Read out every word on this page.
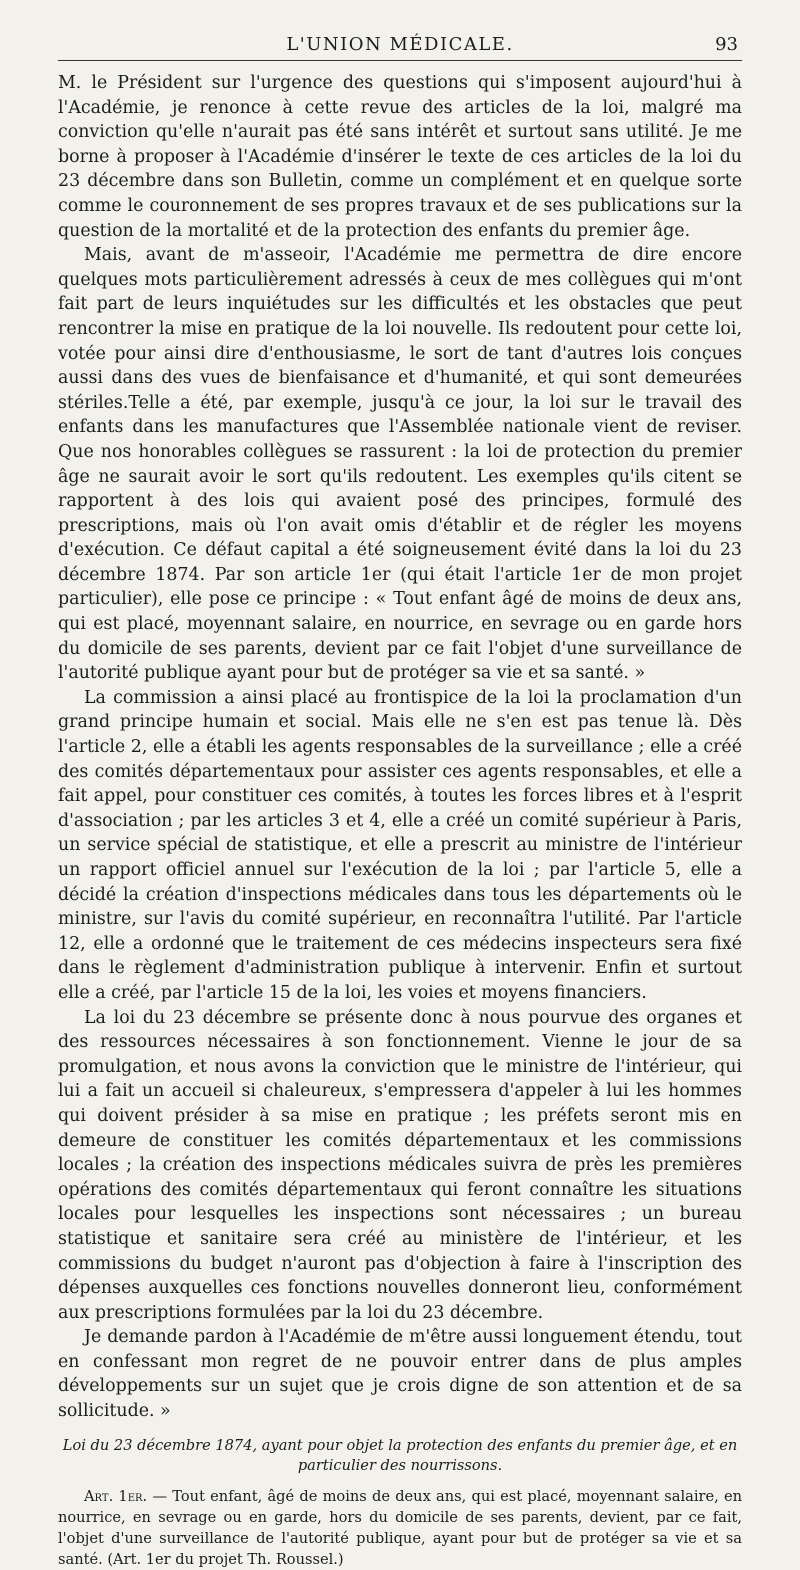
L'UNION MÉDICALE.	93

M. le Président sur l'urgence des questions qui s'imposent aujourd'hui à l'Académie, je renonce à cette revue des articles de la loi, malgré ma conviction qu'elle n'aurait pas été sans intérêt et surtout sans utilité. Je me borne à proposer à l'Académie d'insérer le texte de ces articles de la loi du 23 décembre dans son Bulletin, comme un complément et en quelque sorte comme le couronnement de ses propres travaux et de ses publications sur la question de la mortalité et de la protection des enfants du premier âge.

Mais, avant de m'asseoir, l'Académie me permettra de dire encore quelques mots particulièrement adressés à ceux de mes collègues qui m'ont fait part de leurs inquiétudes sur les difficultés et les obstacles que peut rencontrer la mise en pratique de la loi nouvelle. Ils redoutent pour cette loi, votée pour ainsi dire d'enthousiasme, le sort de tant d'autres lois conçues aussi dans des vues de bienfaisance et d'humanité, et qui sont demeurées stériles.Telle a été, par exemple, jusqu'à ce jour, la loi sur le travail des enfants dans les manufactures que l'Assemblée nationale vient de reviser. Que nos honorables collègues se rassurent : la loi de protection du premier âge ne saurait avoir le sort qu'ils redoutent. Les exemples qu'ils citent se rapportent à des lois qui avaient posé des principes, formulé des prescriptions, mais où l'on avait omis d'établir et de régler les moyens d'exécution. Ce défaut capital a été soigneusement évité dans la loi du 23 décembre 1874. Par son article 1er (qui était l'article 1er de mon projet particulier), elle pose ce principe : « Tout enfant âgé de moins de deux ans, qui est placé, moyennant salaire, en nourrice, en sevrage ou en garde hors du domicile de ses parents, devient par ce fait l'objet d'une surveillance de l'autorité publique ayant pour but de protéger sa vie et sa santé. »

La commission a ainsi placé au frontispice de la loi la proclamation d'un grand principe humain et social. Mais elle ne s'en est pas tenue là. Dès l'article 2, elle a établi les agents responsables de la surveillance ; elle a créé des comités départementaux pour assister ces agents responsables, et elle a fait appel, pour constituer ces comités, à toutes les forces libres et à l'esprit d'association ; par les articles 3 et 4, elle a créé un comité supérieur à Paris, un service spécial de statistique, et elle a prescrit au ministre de l'intérieur un rapport officiel annuel sur l'exécution de la loi ; par l'article 5, elle a décidé la création d'inspections médicales dans tous les départements où le ministre, sur l'avis du comité supérieur, en reconnaîtra l'utilité. Par l'article 12, elle a ordonné que le traitement de ces médecins inspecteurs sera fixé dans le règlement d'administration publique à intervenir. Enfin et surtout elle a créé, par l'article 15 de la loi, les voies et moyens financiers.

La loi du 23 décembre se présente donc à nous pourvue des organes et des ressources nécessaires à son fonctionnement. Vienne le jour de sa promulgation, et nous avons la conviction que le ministre de l'intérieur, qui lui a fait un accueil si chaleureux, s'empressera d'appeler à lui les hommes qui doivent présider à sa mise en pratique ; les préfets seront mis en demeure de constituer les comités départementaux et les commissions locales ; la création des inspections médicales suivra de près les premières opérations des comités départementaux qui feront connaître les situations locales pour lesquelles les inspections sont nécessaires ; un bureau statistique et sanitaire sera créé au ministère de l'intérieur, et les commissions du budget n'auront pas d'objection à faire à l'inscription des dépenses auxquelles ces fonctions nouvelles donneront lieu, conformément aux prescriptions formulées par la loi du 23 décembre.

Je demande pardon à l'Académie de m'être aussi longuement étendu, tout en confessant mon regret de ne pouvoir entrer dans de plus amples développements sur un sujet que je crois digne de son attention et de sa sollicitude. »

Loi du 23 décembre 1874, ayant pour objet la protection des enfants du premier âge, et en particulier des nourrissons.

Art. 1er. — Tout enfant, âgé de moins de deux ans, qui est placé, moyennant salaire, en nourrice, en sevrage ou en garde, hors du domicile de ses parents, devient, par ce fait, l'objet d'une surveillance de l'autorité publique, ayant pour but de protéger sa vie et sa santé. (Art. 1er du projet Th. Roussel.)
